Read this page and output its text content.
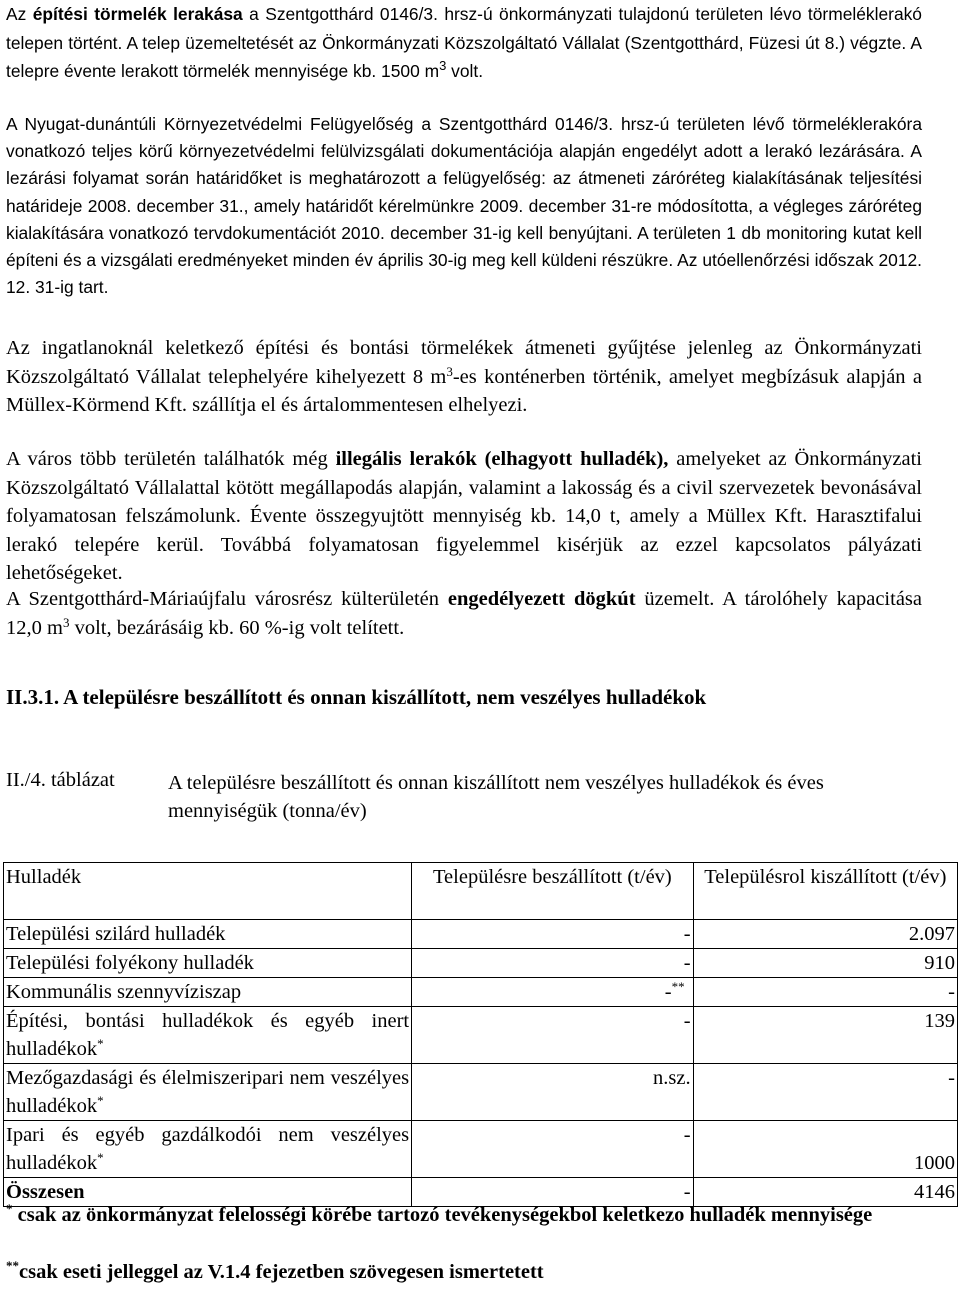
Az építési törmelék lerakása a Szentgotthárd 0146/3. hrsz-ú önkormányzati tulajdonú területen lévo törmeléklerakó telepen történt. A telep üzemeltetését az Önkormányzati Közszolgáltató Vállalat (Szentgotthárd, Füzesi út 8.) végzte. A telepre évente lerakott törmelék mennyisége kb. 1500 $m^3$ volt.
A Nyugat-dunántúli Környezetvédelmi Felügyelőség a Szentgotthárd 0146/3. hrsz-ú területen lévő törmeléklerakóra vonatkozó teljes körű környezetvédelmi felülvizsgálati dokumentációja alapján engedélyt adott a lerakó lezárására. A lezárási folyamat során határidőket is meghatározott a felügyelőség: az átmeneti záróréteg kialakításának teljesítési határideje 2008. december 31., amely határidőt kérelmünkre 2009. december 31-re módosította, a végleges záróréteg kialakítására vonatkozó tervdokumentációt 2010. december 31-ig kell benyújtani. A területen 1 db monitoring kutat kell építeni és a vizsgálati eredményeket minden év április 30-ig meg kell küldeni részükre. Az utóellenőrzési időszak 2012. 12. 31-ig tart.
Az ingatlanoknál keletkező építési és bontási törmelékek átmeneti gyűjtése jelenleg az Önkormányzati Közszolgáltató Vállalat telephelyére kihelyezett 8 $m^3-es$ konténerben történik, amelyet megbízásuk alapján a Müllex-Körmend Kft. szállítja el és ártalommentesen elhelyezi.
A város több területén találhatók még illegális lerakók (elhagyott hulladék), amelyeket az Önkormányzati Közszolgáltató Vállalattal kötött megállapodás alapján, valamint a lakosság és a civil szervezetek bevonásával folyamatosan felszámolunk. Évente összegyujtött mennyiség kb. 14,0 t, amely a Müllex Kft. Harasztifalui lerakó telepére kerül. Továbbá folyamatosan figyelemmel kisérjük az ezzel kapcsolatos pályázati lehetőségeket.
A Szentgotthárd-Máriaújfalu városrész külterületén engedélyezett dögkút üzemelt. A tárolóhely kapacitása 12,0 $m^3$ volt, bezárásáig kb. 60 %-ig volt telített.
II.3.1. A településre beszállított és onnan kiszállított, nem veszélyes hulladékok
II./4. táblázat	A településre beszállított és onnan kiszállított nem veszélyes hulladékok és éves mennyiségük (tonna/év)
Hulladék	Településre beszállított (t/év)	Településrol kiszállított (t/év)
Települési szilárd hulladék	-	2.097
Települési folyékony hulladék	-	910
Kommunális szennyvíziszap	-**	-
Építési, bontási hulladékok és egyéb inert hulladékok*	-	139
Mezőgazdasági és élelmiszeripari nem veszélyes hulladékok*	n.sz.	-
Ipari és egyéb gazdálkodói nem veszélyes hulladékok*	-	1000
Összesen	-	4146
* csak az önkormányzat felelosségi körébe tartozó tevékenységekbol keletkezo hulladék mennyisége
**csak eseti jelleggel az V.1.4 fejezetben szövegesen ismertetett
